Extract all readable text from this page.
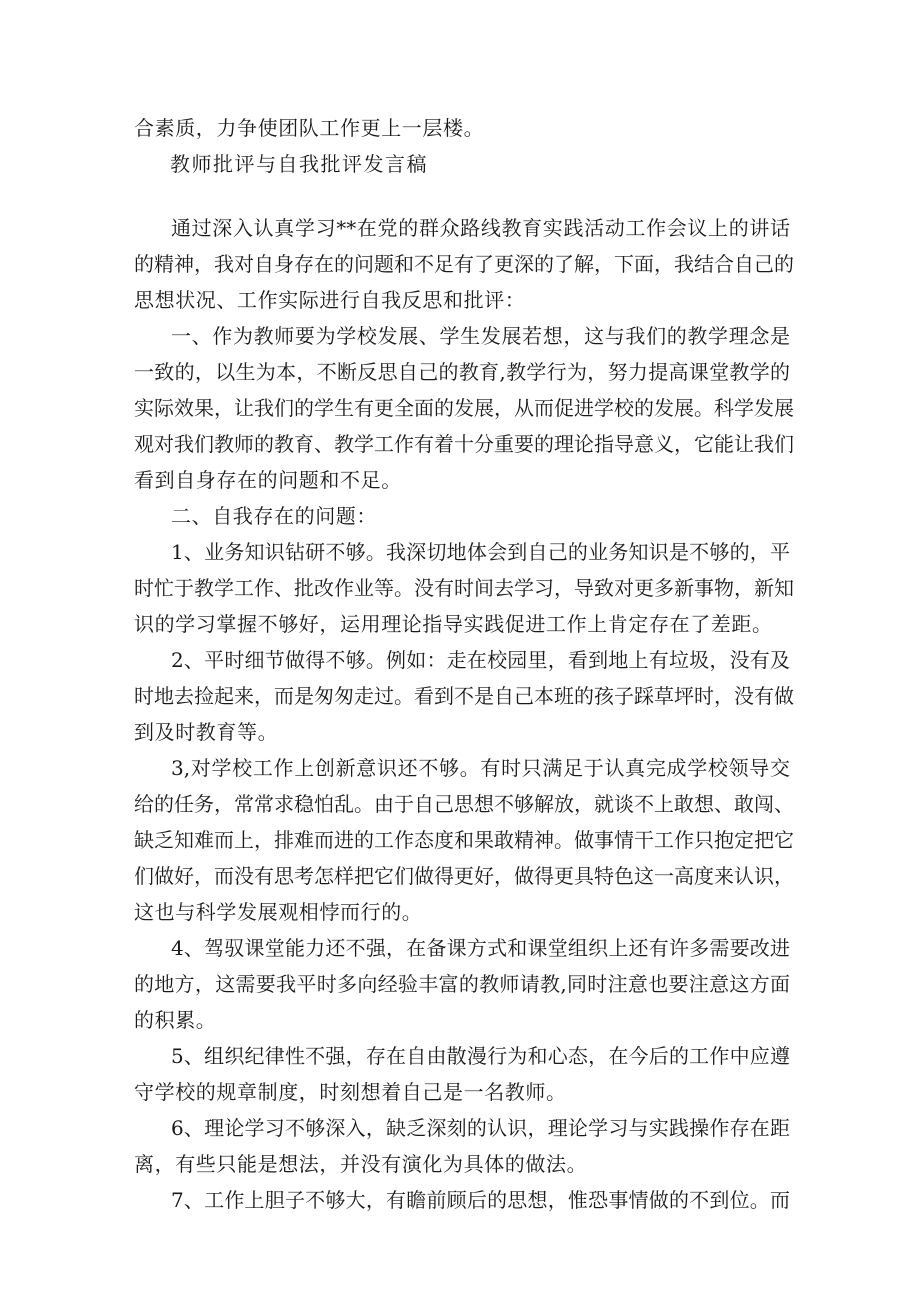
合素质，力争使团队工作更上一层楼。
教师批评与自我批评发言稿
通过深入认真学习**在党的群众路线教育实践活动工作会议上的讲话
的精神，我对自身存在的问题和不足有了更深的了解，下面，我结合自己的
思想状况、工作实际进行自我反思和批评：
一、作为教师要为学校发展、学生发展若想，这与我们的教学理念是
一致的，以生为本，不断反思自己的教育,教学行为，努力提高课堂教学的
实际效果，让我们的学生有更全面的发展，从而促进学校的发展。科学发展
观对我们教师的教育、教学工作有着十分重要的理论指导意义，它能让我们
看到自身存在的问题和不足。
二、自我存在的问题：
1、业务知识钻研不够。我深切地体会到自己的业务知识是不够的，平
时忙于教学工作、批改作业等。没有时间去学习，导致对更多新事物，新知
识的学习掌握不够好，运用理论指导实践促进工作上肯定存在了差距。
2、平时细节做得不够。例如：走在校园里，看到地上有垃圾，没有及
时地去捡起来，而是匆匆走过。看到不是自己本班的孩子踩草坪时，没有做
到及时教育等。
3,对学校工作上创新意识还不够。有时只满足于认真完成学校领导交
给的任务，常常求稳怕乱。由于自己思想不够解放，就谈不上敢想、敢闯、
缺乏知难而上，排难而进的工作态度和果敢精神。做事情干工作只抱定把它
们做好，而没有思考怎样把它们做得更好，做得更具特色这一高度来认识，
这也与科学发展观相悖而行的。
4、驾驭课堂能力还不强，在备课方式和课堂组织上还有许多需要改进
的地方，这需要我平时多向经验丰富的教师请教,同时注意也要注意这方面
的积累。
5、组织纪律性不强，存在自由散漫行为和心态，在今后的工作中应遵
守学校的规章制度，时刻想着自己是一名教师。
6、理论学习不够深入，缺乏深刻的认识，理论学习与实践操作存在距
离，有些只能是想法，并没有演化为具体的做法。
7、工作上胆子不够大，有瞻前顾后的思想，惟恐事情做的不到位。而
